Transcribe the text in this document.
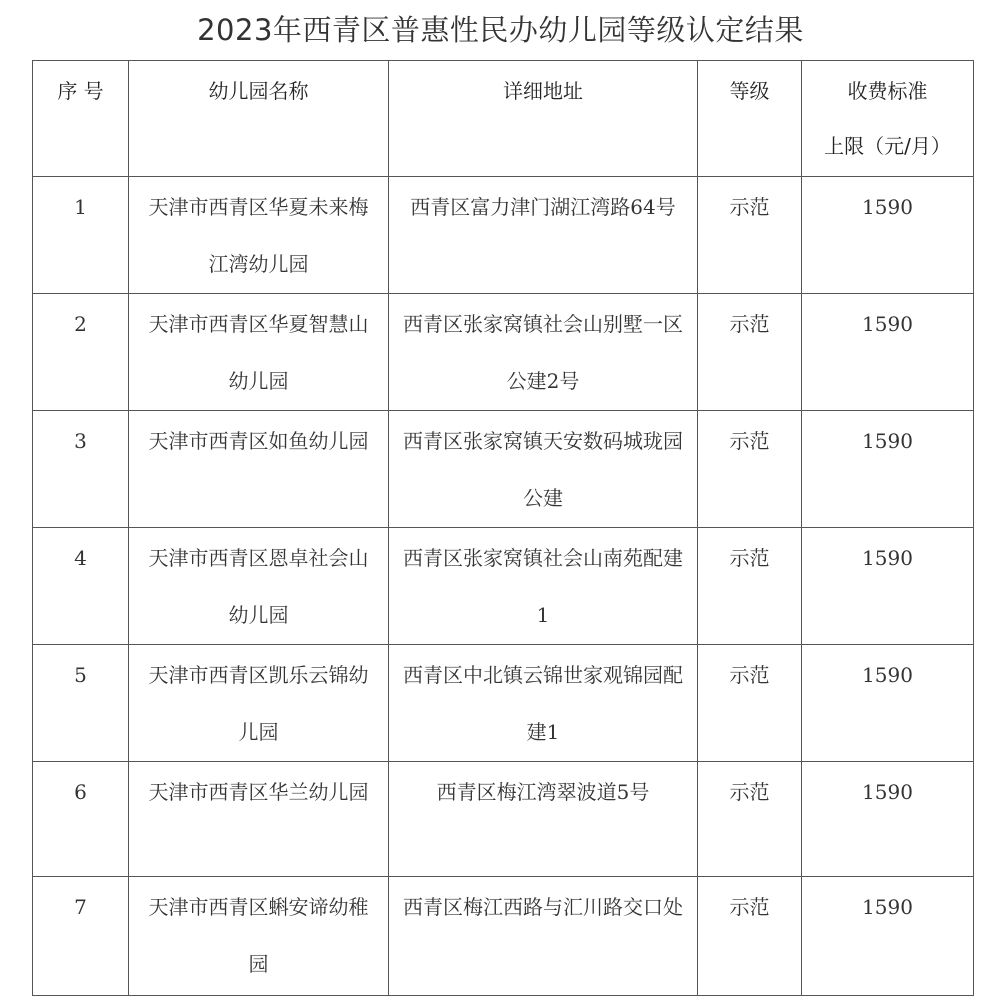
2023年西青区普惠性民办幼儿园等级认定结果
序 号	幼儿园名称	详细地址	等级	收费标准
上限（元/月）

1	天津市西青区华夏未来梅江湾幼儿园	西青区富力津门湖江湾路64号	示范	1590

2	天津市西青区华夏智慧山幼儿园	西青区张家窝镇社会山别墅一区公建2号	示范	1590

3	天津市西青区如鱼幼儿园	西青区张家窝镇天安数码城珑园公建	示范	1590

4	天津市西青区恩卓社会山幼儿园	西青区张家窝镇社会山南苑配建1	示范	1590

5	天津市西青区凯乐云锦幼儿园	西青区中北镇云锦世家观锦园配建1	示范	1590

6	天津市西青区华兰幼儿园	西青区梅江湾翠波道5号	示范	1590

7	天津市西青区蝌安谛幼稚园	西青区梅江西路与汇川路交口处	示范	1590
